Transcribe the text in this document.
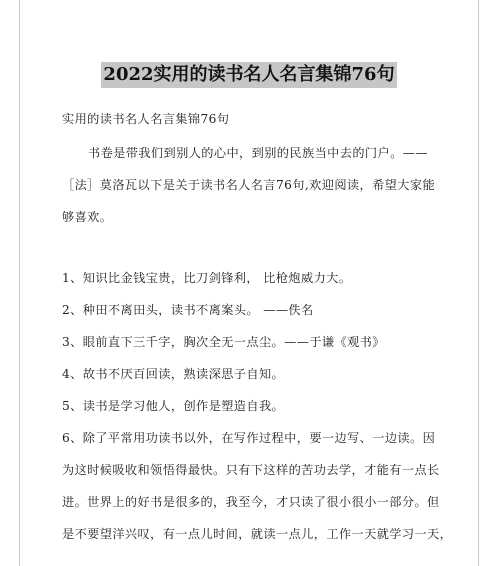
2022实用的读书名人名言集锦76句
实用的读书名人名言集锦76句
书卷是带我们到别人的心中，到别的民族当中去的门户。——
［法］莫洛瓦以下是关于读书名人名言76句,欢迎阅读，希望大家能
够喜欢。
1、知识比金钱宝贵，比刀剑锋利， 比枪炮威力大。
2、种田不离田头，读书不离案头。 ——佚名
3、眼前直下三千字，胸次全无一点尘。——于谦《观书》
4、故书不厌百回读，熟读深思子自知。
5、读书是学习他人，创作是塑造自我。
6、除了平常用功读书以外，在写作过程中，要一边写、一边读。因
为这时候吸收和领悟得最快。只有下这样的苦功去学，才能有一点长
进。世界上的好书是很多的，我至今，才只读了很小很小一部分。但
是不要望洋兴叹，有一点儿时间，就读一点儿，工作一天就学习一天，
